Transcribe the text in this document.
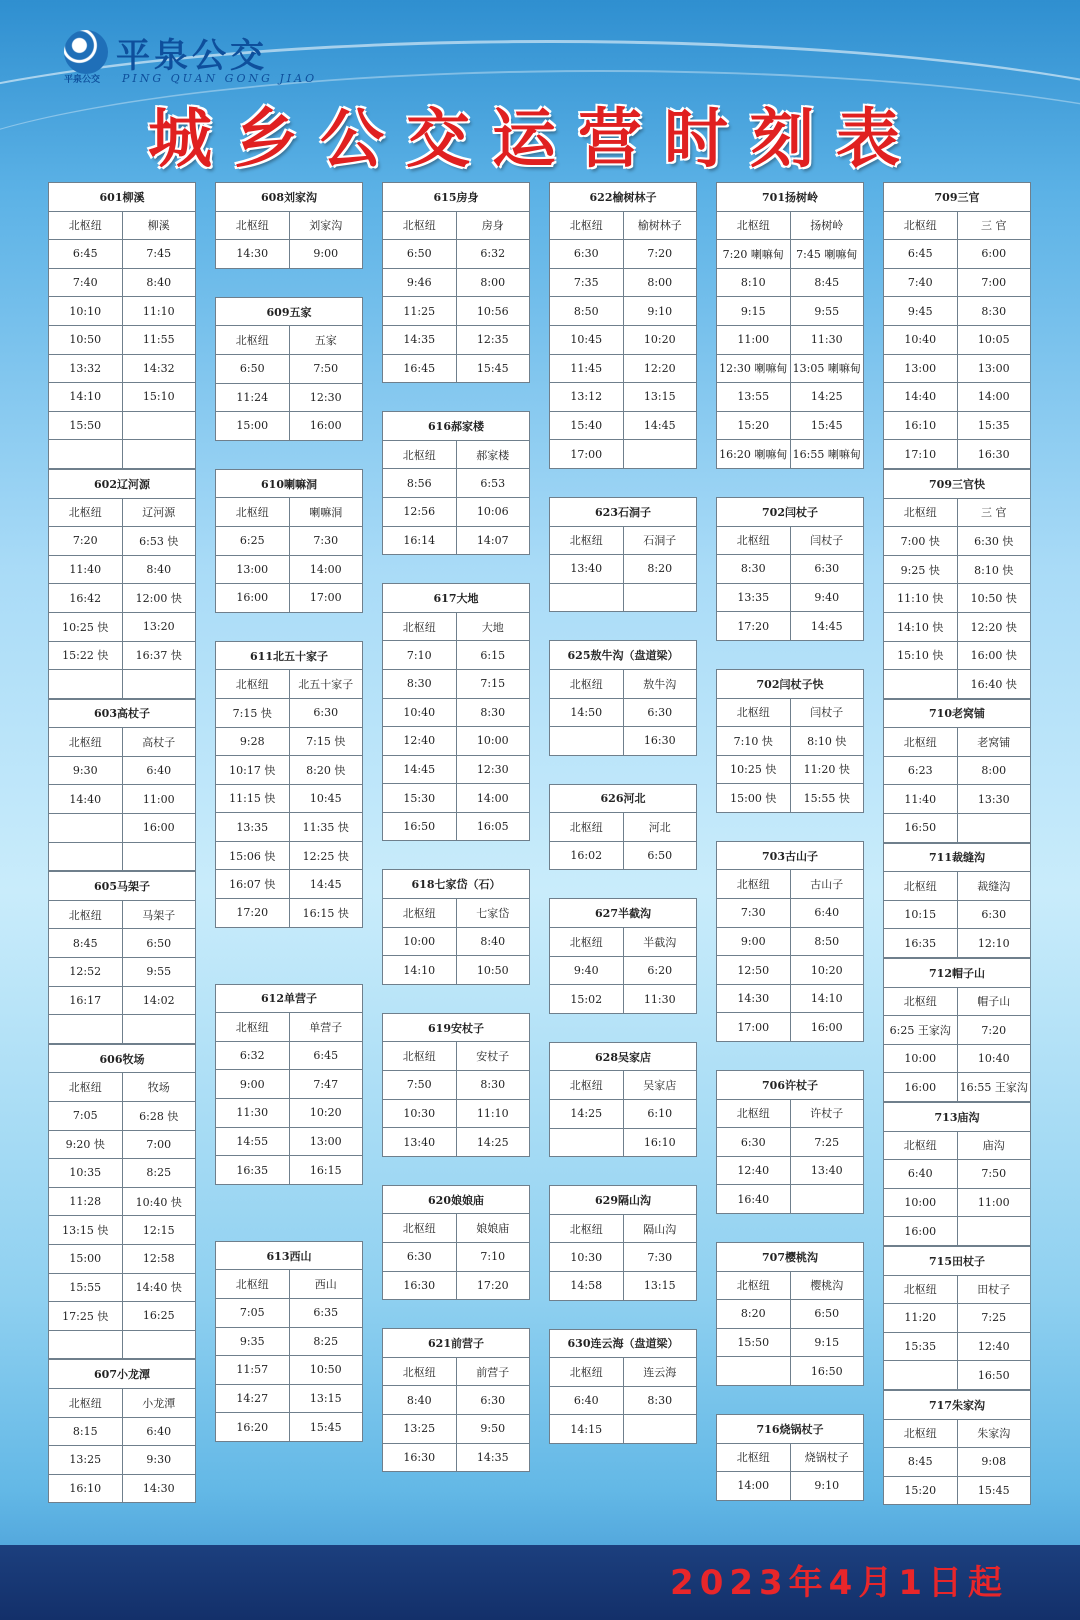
平泉公交
平泉公交 PING QUAN GONG JIAO
城乡公交运营时刻表
601柳溪	
北枢纽	柳溪
6:45	7:45
7:40	8:40
10:10	11:10
10:50	11:55
13:32	14:32
14:10	15:10
15:50	

602辽河源	
北枢纽	辽河源
7:20	6:53 快
11:40	8:40
16:42	12:00 快
10:25 快	13:20
15:22 快	16:37 快

603高杖子	
北枢纽	高杖子
9:30	6:40
14:40	11:00
	16:00

605马架子	
北枢纽	马架子
8:45	6:50
12:52	9:55
16:17	14:02

606牧场	
北枢纽	牧场
7:05	6:28 快
9:20 快	7:00
10:35	8:25
11:28	10:40 快
13:15 快	12:15
15:00	12:58
15:55	14:40 快
17:25 快	16:25

607小龙潭	
北枢纽	小龙潭
8:15	6:40
13:25	9:30
16:10	14:30
608刘家沟	
北枢纽	刘家沟
14:30	9:00
609五家	
北枢纽	五家
6:50	7:50
11:24	12:30
15:00	16:00
610喇嘛洞	
北枢纽	喇嘛洞
6:25	7:30
13:00	14:00
16:00	17:00
611北五十家子	
北枢纽	北五十家子
7:15 快	6:30
9:28	7:15 快
10:17 快	8:20 快
11:15 快	10:45
13:35	11:35 快
15:06 快	12:25 快
16:07 快	14:45
17:20	16:15 快
612单营子	
北枢纽	单营子
6:32	6:45
9:00	7:47
11:30	10:20
14:55	13:00
16:35	16:15
613西山	
北枢纽	西山
7:05	6:35
9:35	8:25
11:57	10:50
14:27	13:15
16:20	15:45
615房身	
北枢纽	房身
6:50	6:32
9:46	8:00
11:25	10:56
14:35	12:35
16:45	15:45
616郝家楼	
北枢纽	郝家楼
8:56	6:53
12:56	10:06
16:14	14:07
617大地	
北枢纽	大地
7:10	6:15
8:30	7:15
10:40	8:30
12:40	10:00
14:45	12:30
15:30	14:00
16:50	16:05
618七家岱（石）	
北枢纽	七家岱
10:00	8:40
14:10	10:50
619安杖子	
北枢纽	安杖子
7:50	8:30
10:30	11:10
13:40	14:25
620娘娘庙	
北枢纽	娘娘庙
6:30	7:10
16:30	17:20
621前营子	
北枢纽	前营子
8:40	6:30
13:25	9:50
16:30	14:35
622榆树林子	
北枢纽	榆树林子
6:30	7:20
7:35	8:00
8:50	9:10
10:45	10:20
11:45	12:20
13:12	13:15
15:40	14:45
17:00	
623石洞子	
北枢纽	石洞子
13:40	8:20

625敖牛沟（盘道梁）	
北枢纽	敖牛沟
14:50	6:30
	16:30
626河北	
北枢纽	河北
16:02	6:50
627半截沟	
北枢纽	半截沟
9:40	6:20
15:02	11:30
628吴家店	
北枢纽	吴家店
14:25	6:10
	16:10
629隔山沟	
北枢纽	隔山沟
10:30	7:30
14:58	13:15
630连云海（盘道梁）	
北枢纽	连云海
6:40	8:30
14:15	
701扬树岭	
北枢纽	扬树岭
7:20 喇嘛甸	7:45 喇嘛甸
8:10	8:45
9:15	9:55
11:00	11:30
12:30 喇嘛甸	13:05 喇嘛甸
13:55	14:25
15:20	15:45
16:20 喇嘛甸	16:55 喇嘛甸
702闫杖子	
北枢纽	闫杖子
8:30	6:30
13:35	9:40
17:20	14:45
702闫杖子快	
北枢纽	闫杖子
7:10 快	8:10 快
10:25 快	11:20 快
15:00 快	15:55 快
703古山子	
北枢纽	古山子
7:30	6:40
9:00	8:50
12:50	10:20
14:30	14:10
17:00	16:00
706许杖子	
北枢纽	许杖子
6:30	7:25
12:40	13:40
16:40	
707樱桃沟	
北枢纽	樱桃沟
8:20	6:50
15:50	9:15
	16:50
716烧锅杖子	
北枢纽	烧锅杖子
14:00	9:10
709三官	
北枢纽	三 官
6:45	6:00
7:40	7:00
9:45	8:30
10:40	10:05
13:00	13:00
14:40	14:00
16:10	15:35
17:10	16:30
709三官快	
北枢纽	三 官
7:00 快	6:30 快
9:25 快	8:10 快
11:10 快	10:50 快
14:10 快	12:20 快
15:10 快	16:00 快
	16:40 快
710老窝铺	
北枢纽	老窝铺
6:23	8:00
11:40	13:30
16:50	
711裁缝沟	
北枢纽	裁缝沟
10:15	6:30
16:35	12:10
712帽子山	
北枢纽	帽子山
6:25 王家沟	7:20
10:00	10:40
16:00	16:55 王家沟
713庙沟	
北枢纽	庙沟
6:40	7:50
10:00	11:00
16:00	
715田杖子	
北枢纽	田杖子
11:20	7:25
15:35	12:40
	16:50
717朱家沟	
北枢纽	朱家沟
8:45	9:08
15:20	15:45
2023年4月1日起
